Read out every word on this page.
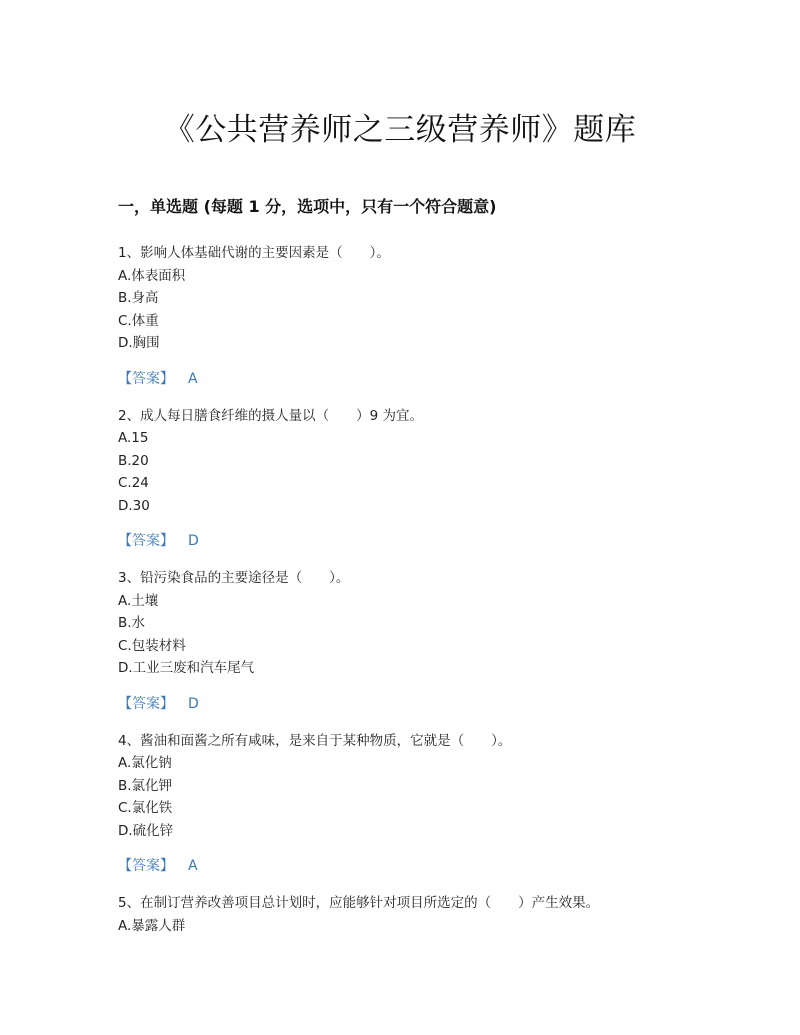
《公共营养师之三级营养师》题库
一，单选题 (每题 1 分，选项中，只有一个符合题意)
1、影响人体基础代谢的主要因素是（　　）。
A.体表面积
B.身高
C.体重
D.胸围
【答案】 A
2、成人每日膳食纤维的摄人量以（　　）9 为宜。
A.15
B.20
C.24
D.30
【答案】 D
3、铅污染食品的主要途径是（　　）。
A.土壤
B.水
C.包装材料
D.工业三废和汽车尾气
【答案】 D
4、酱油和面酱之所有咸味，是来自于某种物质，它就是（　　）。
A.氯化钠
B.氯化钾
C.氯化铁
D.硫化锌
【答案】 A
5、在制订营养改善项目总计划时，应能够针对项目所选定的（　　）产生效果。
A.暴露人群
